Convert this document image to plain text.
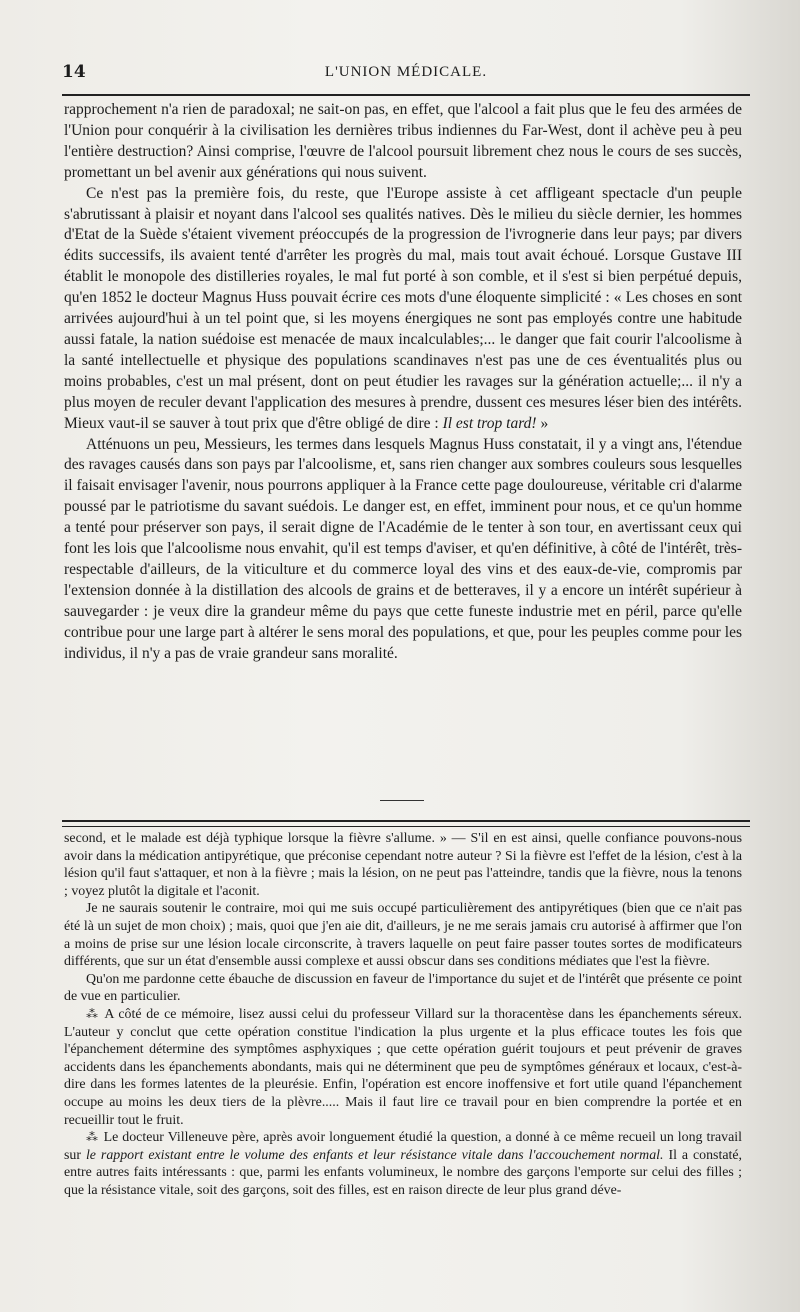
14	L'UNION MÉDICALE.

rapprochement n'a rien de paradoxal; ne sait-on pas, en effet, que l'alcool a fait plus que le feu des armées de l'Union pour conquérir à la civilisation les dernières tribus indiennes du Far-West, dont il achève peu à peu l'entière destruction? Ainsi comprise, l'œuvre de l'alcool poursuit librement chez nous le cours de ses succès, promettant un bel avenir aux générations qui nous suivent.

Ce n'est pas la première fois, du reste, que l'Europe assiste à cet affligeant spectacle d'un peuple s'abrutissant à plaisir et noyant dans l'alcool ses qualités natives. Dès le milieu du siècle dernier, les hommes d'Etat de la Suède s'étaient vivement préoccupés de la progression de l'ivrognerie dans leur pays; par divers édits successifs, ils avaient tenté d'arrêter les progrès du mal, mais tout avait échoué. Lorsque Gustave III établit le monopole des distilleries royales, le mal fut porté à son comble, et il s'est si bien perpétué depuis, qu'en 1852 le docteur Magnus Huss pouvait écrire ces mots d'une éloquente simplicité : « Les choses en sont arrivées aujourd'hui à un tel point que, si les moyens énergiques ne sont pas employés contre une habitude aussi fatale, la nation suédoise est menacée de maux incalculables;... le danger que fait courir l'alcoolisme à la santé intellectuelle et physique des populations scandinaves n'est pas une de ces éventualités plus ou moins probables, c'est un mal présent, dont on peut étudier les ravages sur la génération actuelle;... il n'y a plus moyen de reculer devant l'application des mesures à prendre, dussent ces mesures léser bien des intérêts. Mieux vaut-il se sauver à tout prix que d'être obligé de dire : Il est trop tard! »

Atténuons un peu, Messieurs, les termes dans lesquels Magnus Huss constatait, il y a vingt ans, l'étendue des ravages causés dans son pays par l'alcoolisme, et, sans rien changer aux sombres couleurs sous lesquelles il faisait envisager l'avenir, nous pourrons appliquer à la France cette page douloureuse, véritable cri d'alarme poussé par le patriotisme du savant suédois. Le danger est, en effet, imminent pour nous, et ce qu'un homme a tenté pour préserver son pays, il serait digne de l'Académie de le tenter à son tour, en avertissant ceux qui font les lois que l'alcoolisme nous envahit, qu'il est temps d'aviser, et qu'en définitive, à côté de l'intérêt, très-respectable d'ailleurs, de la viticulture et du commerce loyal des vins et des eaux-de-vie, compromis par l'extension donnée à la distillation des alcools de grains et de betteraves, il y a encore un intérêt supérieur à sauvegarder : je veux dire la grandeur même du pays que cette funeste industrie met en péril, parce qu'elle contribue pour une large part à altérer le sens moral des populations, et que, pour les peuples comme pour les individus, il n'y a pas de vraie grandeur sans moralité.

second, et le malade est déjà typhique lorsque la fièvre s'allume. » — S'il en est ainsi, quelle confiance pouvons-nous avoir dans la médication antipyrétique, que préconise cependant notre auteur ? Si la fièvre est l'effet de la lésion, c'est à la lésion qu'il faut s'attaquer, et non à la fièvre ; mais la lésion, on ne peut pas l'atteindre, tandis que la fièvre, nous la tenons ; voyez plutôt la digitale et l'aconit.

Je ne saurais soutenir le contraire, moi qui me suis occupé particulièrement des antipyrétiques (bien que ce n'ait pas été là un sujet de mon choix) ; mais, quoi que j'en aie dit, d'ailleurs, je ne me serais jamais cru autorisé à affirmer que l'on a moins de prise sur une lésion locale circonscrite, à travers laquelle on peut faire passer toutes sortes de modificateurs différents, que sur un état d'ensemble aussi complexe et aussi obscur dans ses conditions médiates que l'est la fièvre.

Qu'on me pardonne cette ébauche de discussion en faveur de l'importance du sujet et de l'intérêt que présente ce point de vue en particulier.

⁂ A côté de ce mémoire, lisez aussi celui du professeur Villard sur la thoracentèse dans les épanchements séreux. L'auteur y conclut que cette opération constitue l'indication la plus urgente et la plus efficace toutes les fois que l'épanchement détermine des symptômes asphyxiques ; que cette opération guérit toujours et peut prévenir de graves accidents dans les épanchements abondants, mais qui ne déterminent que peu de symptômes généraux et locaux, c'est-à-dire dans les formes latentes de la pleurésie. Enfin, l'opération est encore inoffensive et fort utile quand l'épanchement occupe au moins les deux tiers de la plèvre..... Mais il faut lire ce travail pour en bien comprendre la portée et en recueillir tout le fruit.

⁂ Le docteur Villeneuve père, après avoir longuement étudié la question, a donné à ce même recueil un long travail sur le rapport existant entre le volume des enfants et leur résistance vitale dans l'accouchement normal. Il a constaté, entre autres faits intéressants : que, parmi les enfants volumineux, le nombre des garçons l'emporte sur celui des filles ; que la résistance vitale, soit des garçons, soit des filles, est en raison directe de leur plus grand déve-
